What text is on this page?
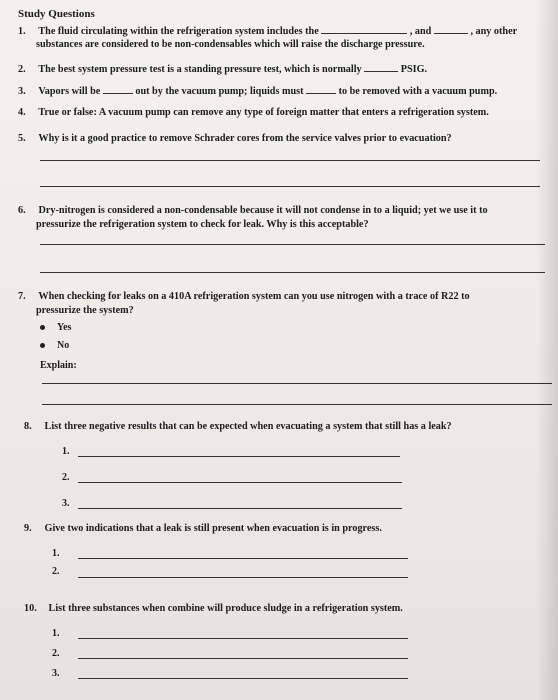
Study Questions
1. The fluid circulating within the refrigeration system includes the	, and	, any other
substances are considered to be non-condensables which will raise the discharge pressure.
2. The best system pressure test is a standing pressure test, which is normally	PSIG.
3. Vapors will be	out by the vacuum pump; liquids must	to be removed with a vacuum pump.
4. True or false: A vacuum pump can remove any type of foreign matter that enters a refrigeration system.
5. Why is it a good practice to remove Schrader cores from the service valves prior to evacuation?
6. Dry-nitrogen is considered a non-condensable because it will not condense in to a liquid; yet we use it to
pressurize the refrigeration system to check for leak. Why is this acceptable?
7. When checking for leaks on a 410A refrigeration system can you use nitrogen with a trace of R22 to
pressurize the system?
Yes
No
Explain:
8. List three negative results that can be expected when evacuating a system that still has a leak?
1.
2.
3.
9. Give two indications that a leak is still present when evacuation is in progress.
1.
2.
10. List three substances when combine will produce sludge in a refrigeration system.
1.
2.
3.
